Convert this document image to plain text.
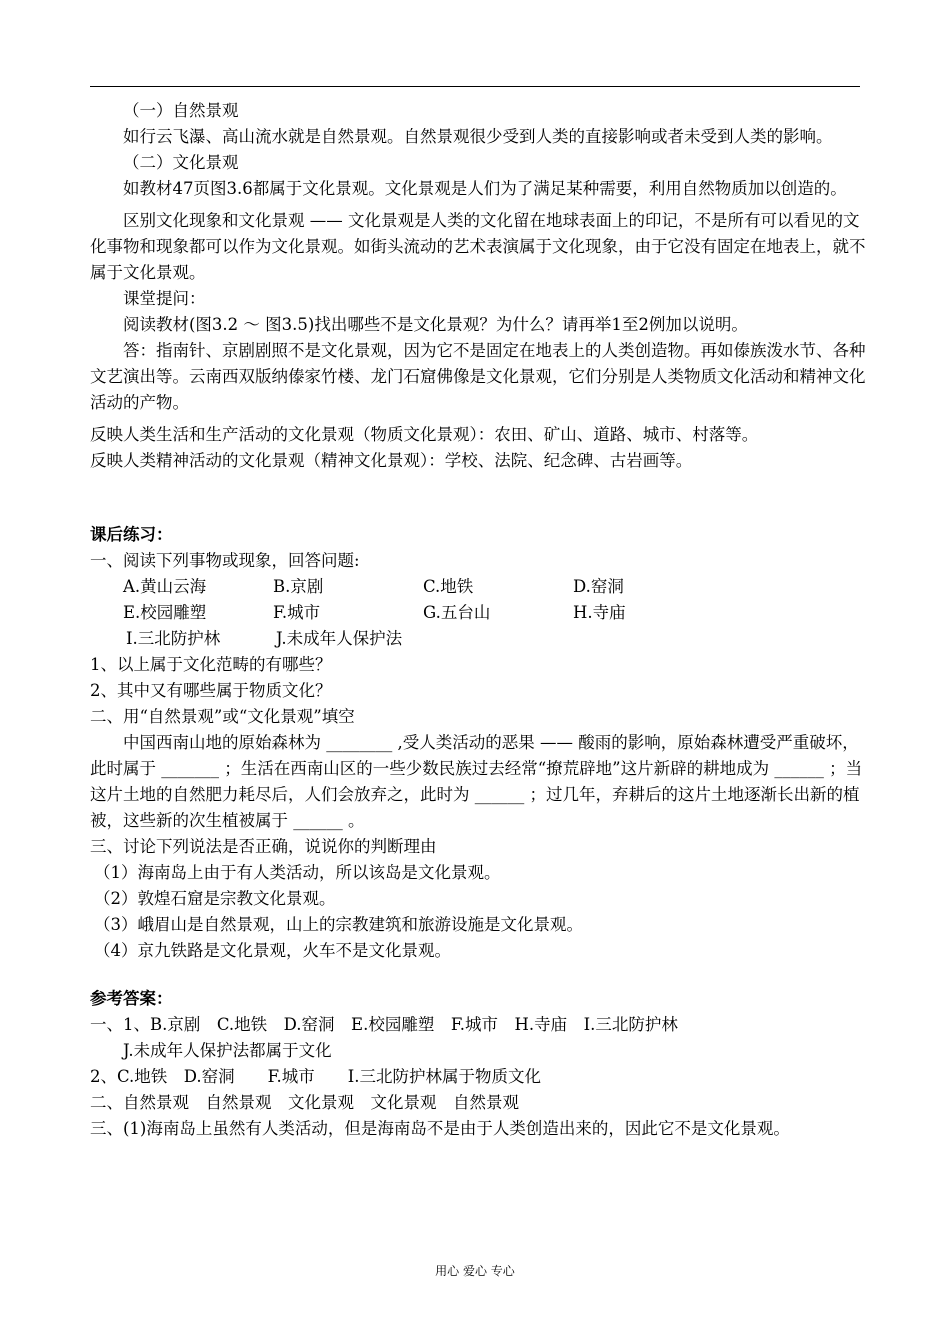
（一）自然景观

如行云飞瀑、高山流水就是自然景观。自然景观很少受到人类的直接影响或者未受到人类的影响。

（二）文化景观

如教材47页图3.6都属于文化景观。文化景观是人们为了满足某种需要，利用自然物质加以创造的。

区别文化现象和文化景观 —— 文化景观是人类的文化留在地球表面上的印记，不是所有可以看见的文化事物和现象都可以作为文化景观。如街头流动的艺术表演属于文化现象，由于它没有固定在地表上，就不属于文化景观。

课堂提问：

阅读教材(图3.2 ～ 图3.5)找出哪些不是文化景观？为什么？请再举1至2例加以说明。

答：指南针、京剧剧照不是文化景观，因为它不是固定在地表上的人类创造物。再如傣族泼水节、各种文艺演出等。云南西双版纳傣家竹楼、龙门石窟佛像是文化景观，它们分别是人类物质文化活动和精神文化活动的产物。

反映人类生活和生产活动的文化景观（物质文化景观）：农田、矿山、道路、城市、村落等。

反映人类精神活动的文化景观（精神文化景观）：学校、法院、纪念碑、古岩画等。

课后练习：

一、阅读下列事物或现象，回答问题:

A.黄山云海	B.京剧	C.地铁	D.窑洞
E.校园雕塑	F.城市	G.五台山	H.寺庙
I.三北防护林	J.未成年人保护法

1、以上属于文化范畴的有哪些？

2、其中又有哪些属于物质文化？

二、用“自然景观”或“文化景观”填空

中国西南山地的原始森林为 ________ ,受人类活动的恶果 —— 酸雨的影响，原始森林遭受严重破坏，此时属于 _______ ；生活在西南山区的一些少数民族过去经常“撩荒辟地”这片新辟的耕地成为 ______ ；当这片土地的自然肥力耗尽后，人们会放弃之，此时为 ______ ；过几年，弃耕后的这片土地逐渐长出新的植被，这些新的次生植被属于 ______ 。

三、讨论下列说法是否正确，说说你的判断理由

（1）海南岛上由于有人类活动，所以该岛是文化景观。

（2）敦煌石窟是宗教文化景观。

（3）峨眉山是自然景观，山上的宗教建筑和旅游设施是文化景观。

（4）京九铁路是文化景观，火车不是文化景观。

参考答案：

一、1、B.京剧　C.地铁　D.窑洞　E.校园雕塑　F.城市　H.寺庙　I.三北防护林

J.未成年人保护法都属于文化

2、C.地铁　D.窑洞　　F.城市　　I.三北防护林属于物质文化

二、自然景观　自然景观　文化景观　文化景观　自然景观

三、(1)海南岛上虽然有人类活动，但是海南岛不是由于人类创造出来的，因此它不是文化景观。

用心 爱心 专心
